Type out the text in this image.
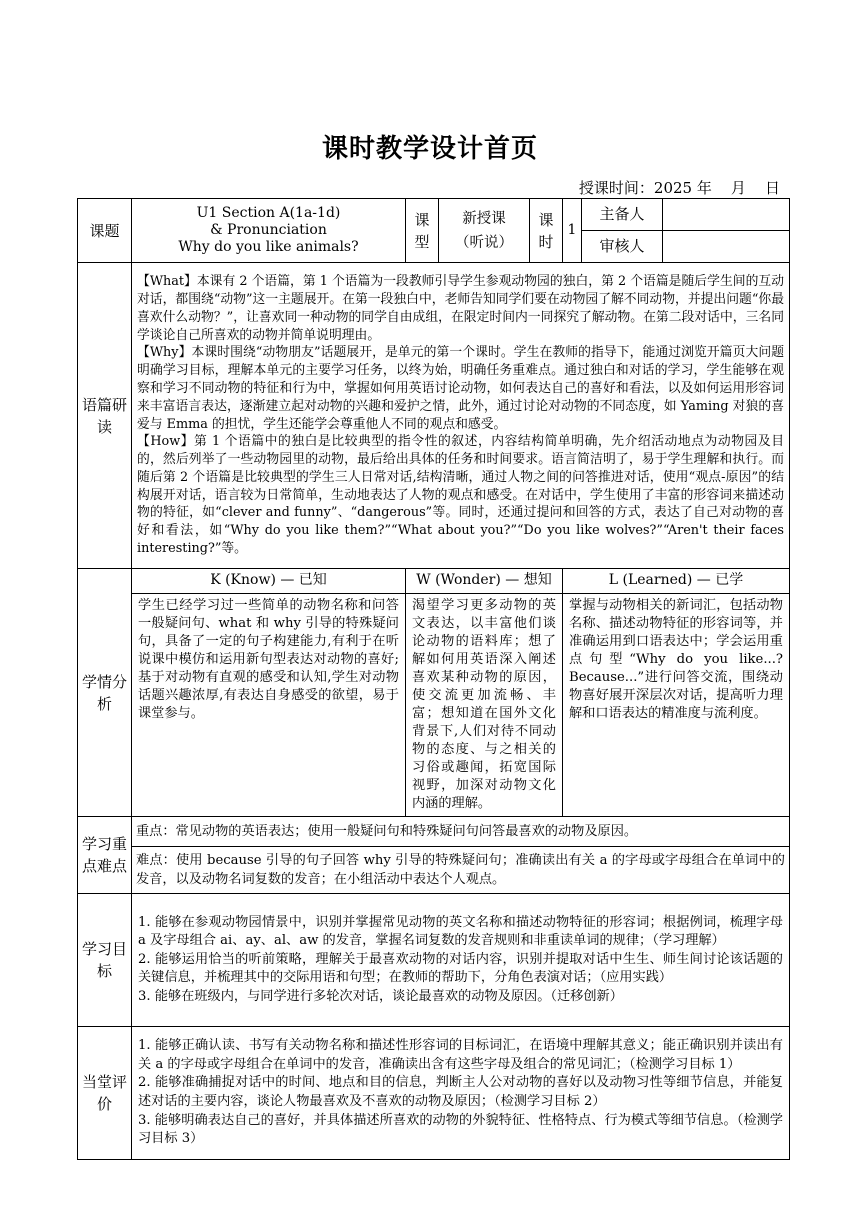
课时教学设计首页
授课时间：2025 年    月    日
课题	U1 Section A(1a-1d)
& Pronunciation
Why do you like animals?	课型	新授课（听说）	课时	1	主备人	
						审核人	
语篇研读	【What】本课有 2 个语篇，第 1 个语篇为一段教师引导学生参观动物园的独白，第 2 个语篇是随后学生间的互动对话，都围绕“动物”这一主题展开。在第一段独白中，老师告知同学们要在动物园了解不同动物，并提出问题“你最喜欢什么动物？”，让喜欢同一种动物的同学自由成组，在限定时间内一同探究了解动物。在第二段对话中，三名同学谈论自己所喜欢的动物并简单说明理由。

【Why】本课时围绕“动物朋友”话题展开，是单元的第一个课时。学生在教师的指导下，能通过浏览开篇页大问题明确学习目标，理解本单元的主要学习任务，以终为始，明确任务重难点。通过独白和对话的学习，学生能够在观察和学习不同动物的特征和行为中，掌握如何用英语讨论动物，如何表达自己的喜好和看法，以及如何运用形容词来丰富语言表达，逐渐建立起对动物的兴趣和爱护之情，此外，通过讨论对动物的不同态度，如 Yaming 对狼的喜爱与 Emma 的担忧，学生还能学会尊重他人不同的观点和感受。

【How】第 1 个语篇中的独白是比较典型的指令性的叙述，内容结构简单明确，先介绍活动地点为动物园及目的，然后列举了一些动物园里的动物，最后给出具体的任务和时间要求。语言简洁明了，易于学生理解和执行。而随后第 2 个语篇是比较典型的学生三人日常对话,结构清晰，通过人物之间的问答推进对话，使用“观点-原因”的结构展开对话，语言较为日常简单，生动地表达了人物的观点和感受。在对话中，学生使用了丰富的形容词来描述动物的特征，如“clever and funny”、“dangerous”等。同时，还通过提问和回答的方式，表达了自己对动物的喜好和看法，如“Why do you like them?”“What about you?”“Do you like wolves?”“Aren't their faces interesting?”等。						

学情分析	K (Know) — 已知	W (Wonder) — 想知			L (Learned) — 已学		
	学生已经学习过一些简单的动物名称和问答一般疑问句、what 和 why 引导的特殊疑问句，具备了一定的句子构建能力,有利于在听说课中模仿和运用新句型表达对动物的喜好;基于对动物有直观的感受和认知,学生对动物话题兴趣浓厚,有表达自身感受的欲望，易于课堂参与。	渴望学习更多动物的英文表达，以丰富他们谈论动物的语料库；想了解如何用英语深入阐述喜欢某种动物的原因，使交流更加流畅、丰富；想知道在国外文化背景下,人们对待不同动物的态度、与之相关的习俗或趣闻，拓宽国际视野，加深对动物文化内涵的理解。			掌握与动物相关的新词汇，包括动物名称、描述动物特征的形容词等，并准确运用到口语表达中；学会运用重点句型“Why do you like...? Because...”进行问答交流，围绕动物喜好展开深层次对话，提高听力理解和口语表达的精准度与流利度。		
学习重点难点	重点：常见动物的英语表达；使用一般疑问句和特殊疑问句问答最喜欢的动物及原因。						
	难点：使用 because 引导的句子回答 why 引导的特殊疑问句；准确读出有关 a 的字母或字母组合在单词中的发音，以及动物名词复数的发音；在小组活动中表达个人观点。						
学习目标	1. 能够在参观动物园情景中，识别并掌握常见动物的英文名称和描述动物特征的形容词；根据例词，梳理字母 a 及字母组合 ai、ay、al、aw 的发音，掌握名词复数的发音规则和非重读单词的规律；（学习理解）

2. 能够运用恰当的听前策略，理解关于最喜欢动物的对话内容，识别并提取对话中生生、师生间讨论该话题的关键信息，并梳理其中的交际用语和句型；在教师的帮助下，分角色表演对话；（应用实践）

3. 能够在班级内，与同学进行多轮次对话，谈论最喜欢的动物及原因。（迁移创新）						

当堂评价	1. 能够正确认读、书写有关动物名称和描述性形容词的目标词汇，在语境中理解其意义；能正确识别并读出有关 a 的字母或字母组合在单词中的发音，准确读出含有这些字母及组合的常见词汇；（检测学习目标 1）

2. 能够准确捕捉对话中的时间、地点和目的信息，判断主人公对动物的喜好以及动物习性等细节信息，并能复述对话的主要内容，谈论人物最喜欢及不喜欢的动物及原因；（检测学习目标 2）

3. 能够明确表达自己的喜好，并具体描述所喜欢的动物的外貌特征、性格特点、行为模式等细节信息。（检测学习目标 3）						
